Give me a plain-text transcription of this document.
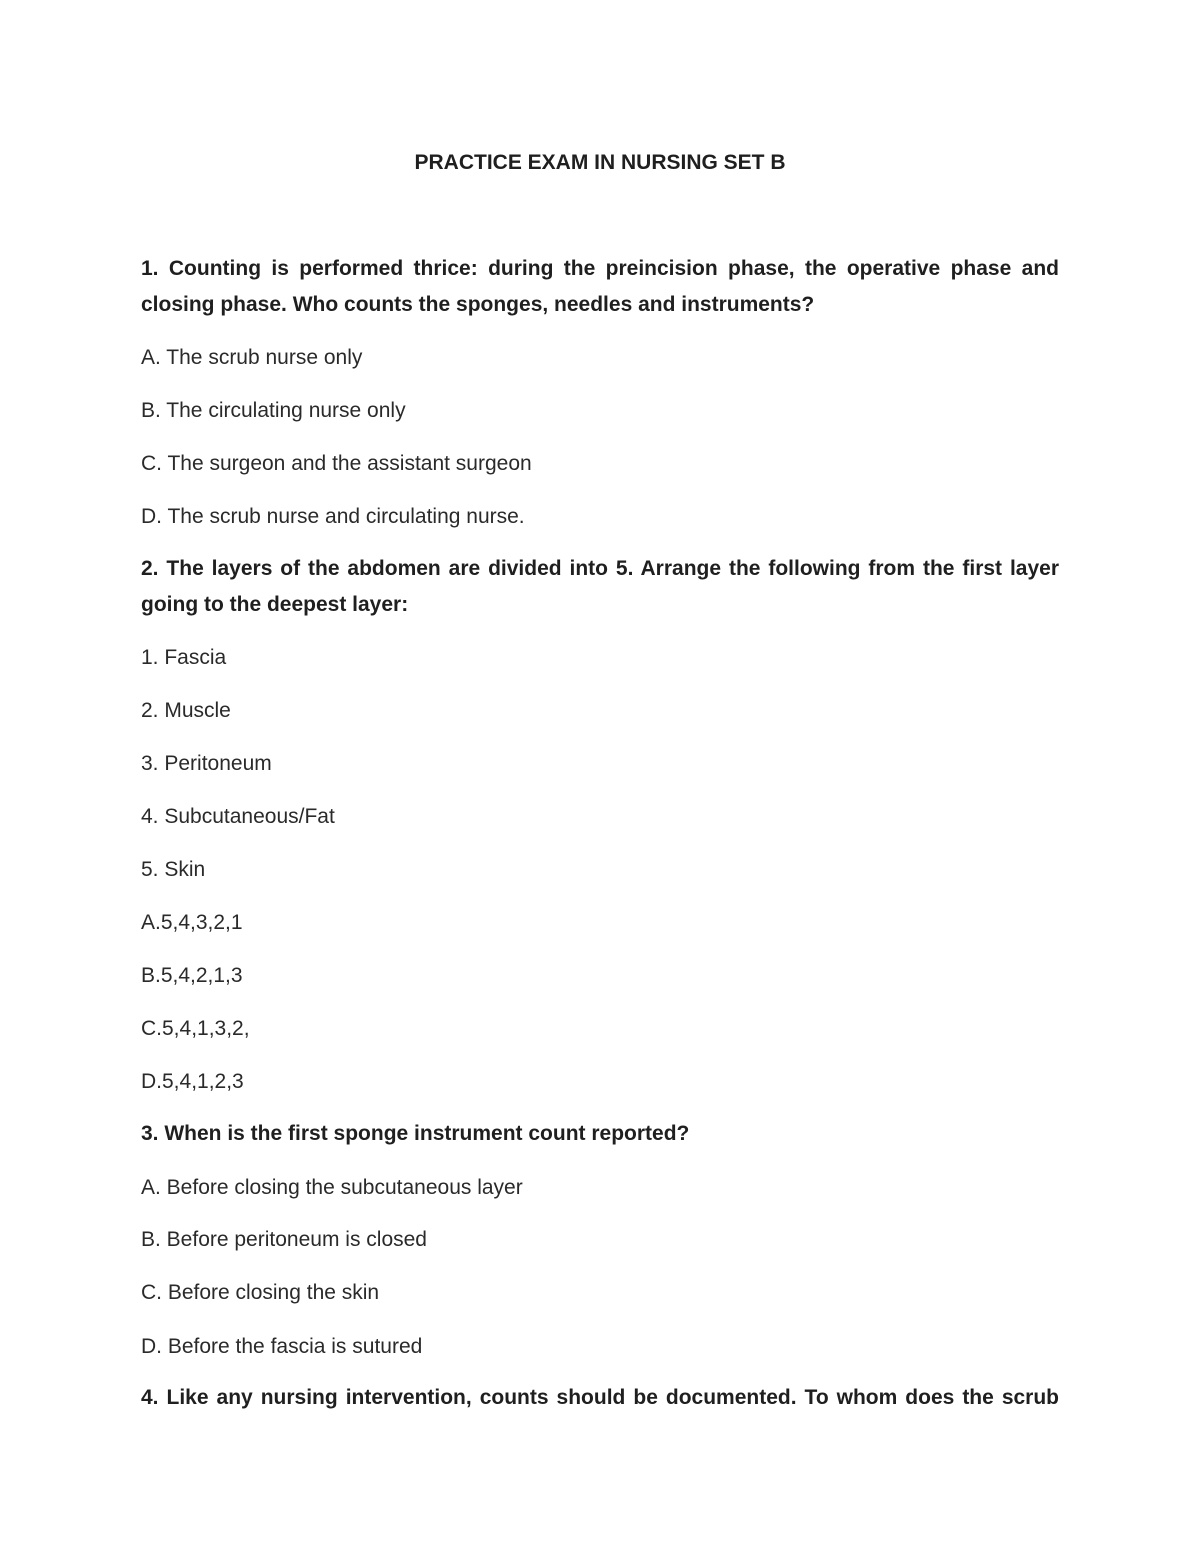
PRACTICE EXAM IN NURSING SET B
1. Counting is performed thrice: during the preincision phase, the operative phase and closing phase. Who counts the sponges, needles and instruments?
A. The scrub nurse only
B. The circulating nurse only
C. The surgeon and the assistant surgeon
D. The scrub nurse and circulating nurse.
2. The layers of the abdomen are divided into 5. Arrange the following from the first layer going to the deepest layer:
1. Fascia
2. Muscle
3. Peritoneum
4. Subcutaneous/Fat
5. Skin
A.5,4,3,2,1
B.5,4,2,1,3
C.5,4,1,3,2,
D.5,4,1,2,3
3. When is the first sponge instrument count reported?
A. Before closing the subcutaneous layer
B. Before peritoneum is closed
C. Before closing the skin
D. Before the fascia is sutured
4. Like any nursing intervention, counts should be documented. To whom does the scrub
